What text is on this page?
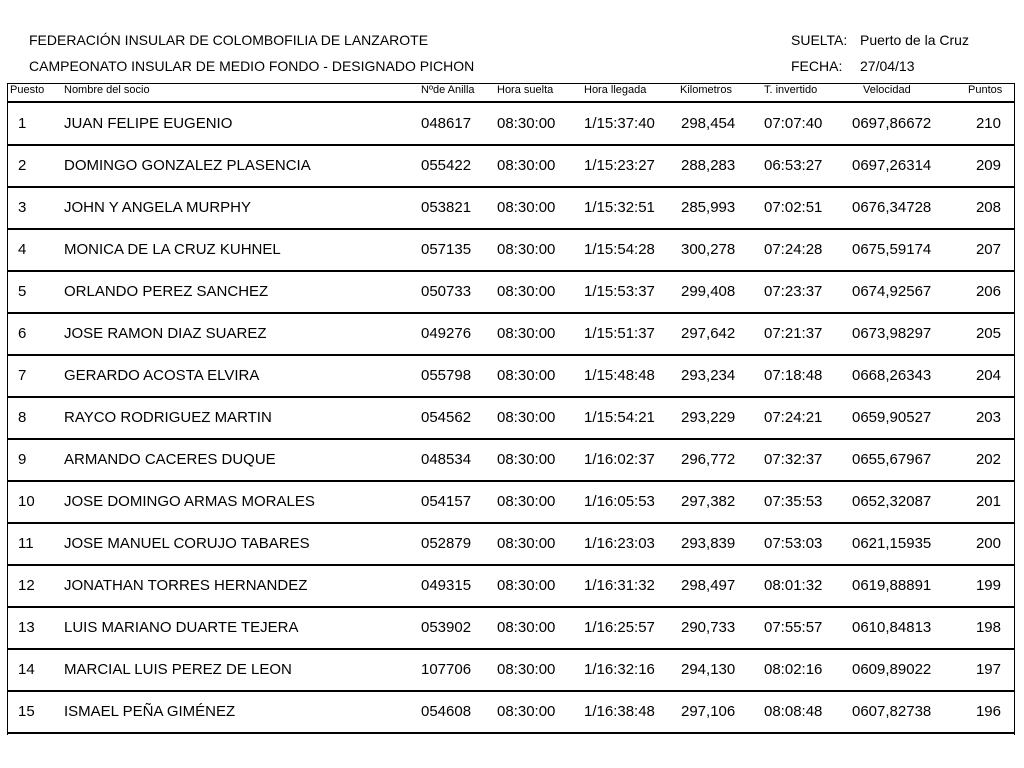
FEDERACIÓN INSULAR DE COLOMBOFILIA DE LANZAROTE
CAMPEONATO INSULAR DE MEDIO FONDO - DESIGNADO PICHON
SUELTA: Puerto de la Cruz
FECHA: 27/04/13
Puesto Nombre del socio	Nºde Anilla Hora suelta	Hora llegada	Kilometros	T. invertido	Velocidad	Puntos
1	JUAN FELIPE EUGENIO	048617 08:30:00 1/15:37:40 298,454 07:07:40 0697,86672	210
2	DOMINGO GONZALEZ PLASENCIA	055422 08:30:00 1/15:23:27 288,283 06:53:27 0697,26314	209
3	JOHN Y ANGELA MURPHY	053821 08:30:00 1/15:32:51 285,993 07:02:51 0676,34728	208
4	MONICA DE LA CRUZ KUHNEL	057135 08:30:00 1/15:54:28 300,278 07:24:28 0675,59174	207
5	ORLANDO PEREZ SANCHEZ	050733 08:30:00 1/15:53:37 299,408 07:23:37 0674,92567	206
6	JOSE RAMON DIAZ SUAREZ	049276 08:30:00 1/15:51:37 297,642 07:21:37 0673,98297	205
7	GERARDO ACOSTA ELVIRA	055798 08:30:00 1/15:48:48 293,234 07:18:48 0668,26343	204
8	RAYCO RODRIGUEZ MARTIN	054562 08:30:00 1/15:54:21 293,229 07:24:21 0659,90527	203
9	ARMANDO CACERES DUQUE	048534 08:30:00 1/16:02:37 296,772 07:32:37 0655,67967	202
10 JOSE DOMINGO ARMAS MORALES	054157 08:30:00 1/16:05:53 297,382 07:35:53 0652,32087	201
11 JOSE MANUEL CORUJO TABARES	052879 08:30:00 1/16:23:03 293,839 07:53:03 0621,15935	200
12 JONATHAN TORRES HERNANDEZ	049315 08:30:00 1/16:31:32 298,497 08:01:32 0619,88891	199
13 LUIS MARIANO DUARTE TEJERA	053902 08:30:00 1/16:25:57 290,733 07:55:57 0610,84813	198
14 MARCIAL LUIS PEREZ DE LEON	107706 08:30:00 1/16:32:16 294,130 08:02:16 0609,89022	197
15 ISMAEL PEÑA GIMÉNEZ	054608 08:30:00 1/16:38:48 297,106 08:08:48 0607,82738	196
